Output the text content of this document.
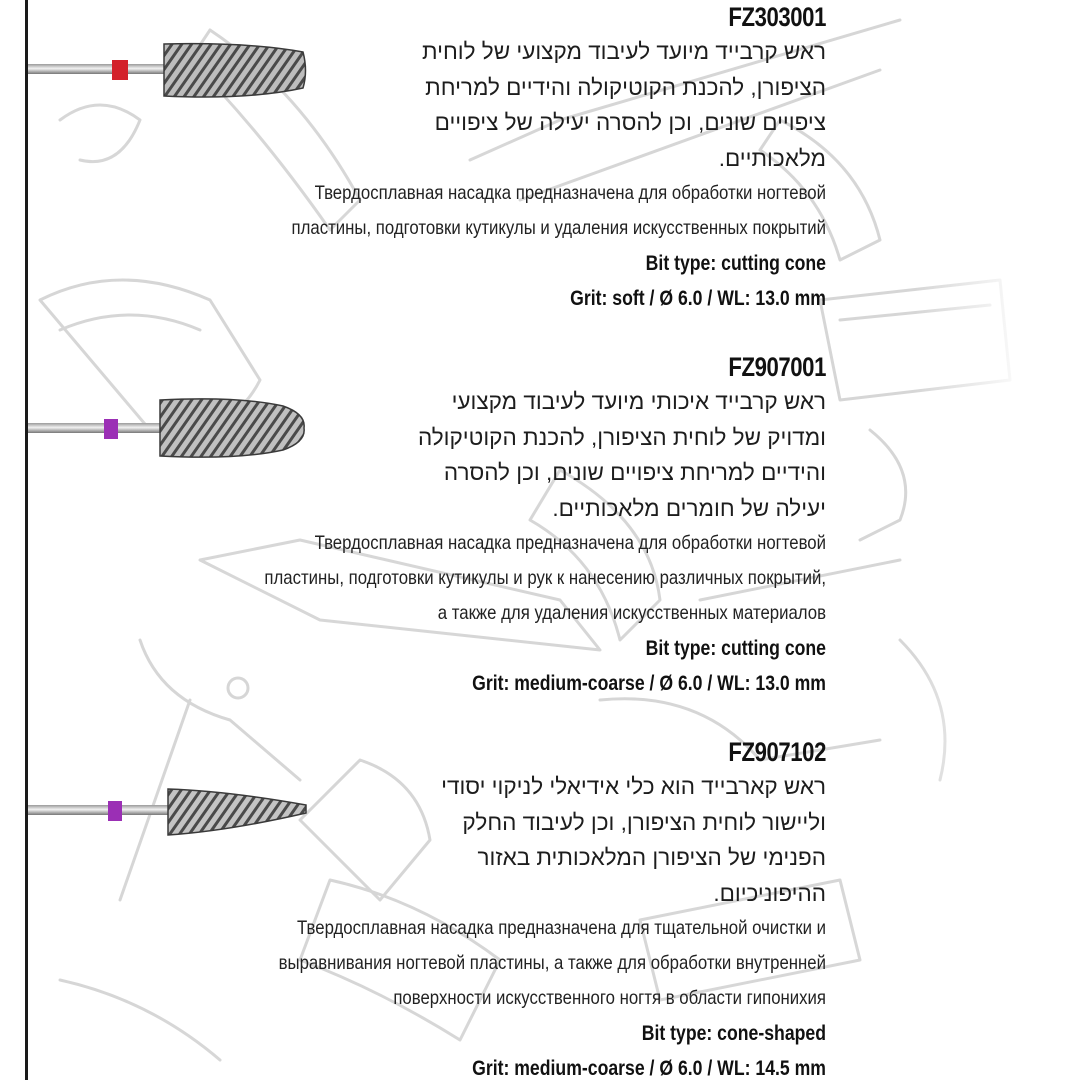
FZ303001
ראש קרבייד מיועד לעיבוד מקצועי של לוחית
הציפורן, להכנת הקוטיקולה והידיים למריחת
ציפויים שונים, וכן להסרה יעילה של ציפויים
מלאכותיים.
Твердосплавная насадка предназначена для обработки ногтевой
пластины, подготовки кутикулы и удаления искусственных покрытий
Bit type: cutting cone
Grit: soft / Ø 6.0 / WL: 13.0 mm
FZ907001
ראש קרבייד איכותי מיועד לעיבוד מקצועי
ומדויק של לוחית הציפורן, להכנת הקוטיקולה
והידיים למריחת ציפויים שונים, וכן להסרה
יעילה של חומרים מלאכותיים.
Твердосплавная насадка предназначена для обработки ногтевой
пластины, подготовки кутикулы и рук к нанесению различных покрытий,
а также для удаления искусственных материалов
Bit type: cutting cone
Grit: medium-coarse / Ø 6.0 / WL: 13.0 mm
FZ907102
ראש קארבייד הוא כלי אידיאלי לניקוי יסודי
וליישור לוחית הציפורן, וכן לעיבוד החלק
הפנימי של הציפורן המלאכותית באזור
ההיפוניכיום.
Твердосплавная насадка предназначена для тщательной очистки и
выравнивания ногтевой пластины, а также для обработки внутренней
поверхности искусственного ногтя в области гипонихия
Bit type: cone-shaped
Grit: medium-coarse / Ø 6.0 / WL: 14.5 mm
